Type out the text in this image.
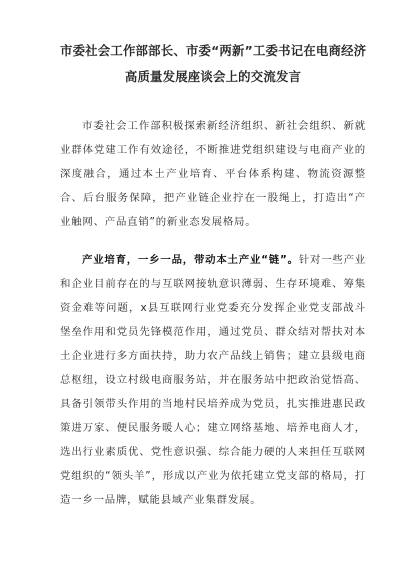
市委社会工作部部长、市委“两新”工委书记在电商经济
高质量发展座谈会上的交流发言

市委社会工作部积极探索新经济组织、新社会组织、新就业群体党建工作有效途径，不断推进党组织建设与电商产业的深度融合，通过本土产业培育、平台体系构建、物流资源整合、后台服务保障，把产业链企业拧在一股绳上，打造出“产业触网、产品直销”的新业态发展格局。

产业培育，一乡一品，带动本土产业“链”。针对一些产业和企业目前存在的与互联网接轨意识薄弱、生存环境难、筹集资金难等问题，x县互联网行业党委充分发挥企业党支部战斗堡垒作用和党员先锋模范作用，通过党员、群众结对帮扶对本土企业进行多方面扶持，助力农产品线上销售；建立县级电商总枢纽，设立村级电商服务站，并在服务站中把政治觉悟高、具备引领带头作用的当地村民培养成为党员，扎实推进惠民政策进万家、便民服务暖人心；建立网络基地、培养电商人才，选出行业素质优、党性意识强、综合能力硬的人来担任互联网党组织的“领头羊”，形成以产业为依托建立党支部的格局，打造一乡一品牌，赋能县域产业集群发展。
